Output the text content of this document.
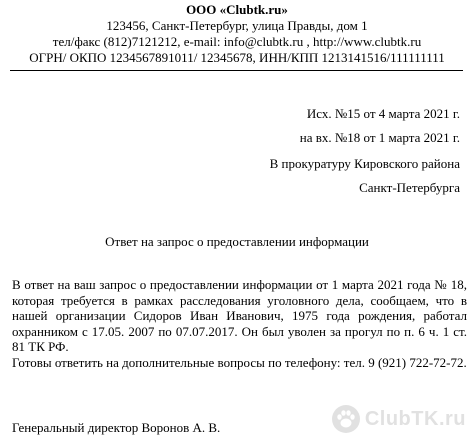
ООО «Clubtk.ru»
123456, Санкт-Петербург, улица Правды, дом 1
тел/факс (812)7121212, e-mail: info@clubtk.ru , http://www.clubtk.ru
ОГРН/ ОКПО 1234567891011/ 12345678, ИНН/КПП 1213141516/111111111
Исх. №15 от 4 марта 2021 г.
на вх. №18 от 1 марта 2021 г.
В прокуратуру Кировского района
Санкт-Петербурга
Ответ на запрос о предоставлении информации

В ответ на ваш запрос о предоставлении информации от 1 марта 2021 года № 18, которая требуется в рамках расследования уголовного дела, сообщаем, что в нашей организации Сидоров Иван Иванович, 1975 года рождения, работал охранником с 17.05. 2007 по 07.07.2017. Он был уволен за прогул по п. 6 ч. 1 ст. 81 ТК РФ.

Готовы ответить на дополнительные вопросы по телефону: тел. 9 (921) 722-72-72.

Генеральный директор Воронов А. В.	ClubTK.ru
